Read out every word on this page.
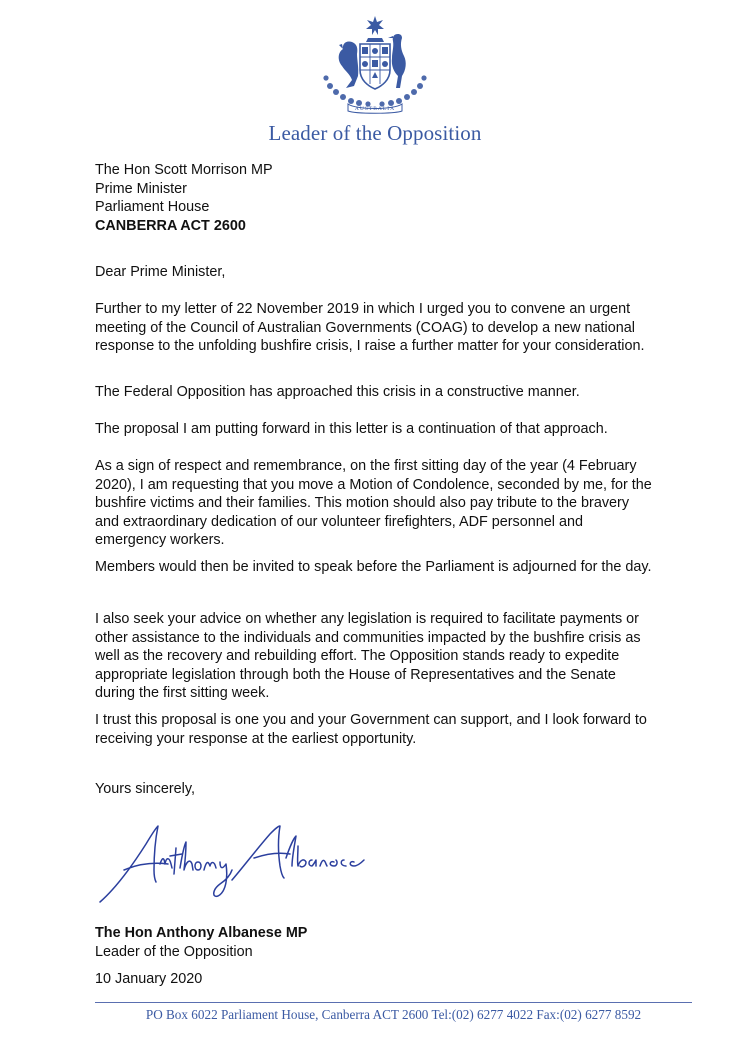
AUSTRALIA
Leader of the Opposition
The Hon Scott Morrison MP
Prime Minister
Parliament House
CANBERRA ACT 2600
Dear Prime Minister,
Further to my letter of 22 November 2019 in which I urged you to convene an urgent meeting of the Council of Australian Governments (COAG) to develop a new national response to the unfolding bushfire crisis, I raise a further matter for your consideration.
The Federal Opposition has approached this crisis in a constructive manner.
The proposal I am putting forward in this letter is a continuation of that approach.
As a sign of respect and remembrance, on the first sitting day of the year (4 February 2020), I am requesting that you move a Motion of Condolence, seconded by me, for the bushfire victims and their families. This motion should also pay tribute to the bravery and extraordinary dedication of our volunteer firefighters, ADF personnel and emergency workers.
Members would then be invited to speak before the Parliament is adjourned for the day.
I also seek your advice on whether any legislation is required to facilitate payments or other assistance to the individuals and communities impacted by the bushfire crisis as well as the recovery and rebuilding effort. The Opposition stands ready to expedite appropriate legislation through both the House of Representatives and the Senate during the first sitting week.
I trust this proposal is one you and your Government can support, and I look forward to receiving your response at the earliest opportunity.
Yours sincerely,
The Hon Anthony Albanese MP
Leader of the Opposition
10 January 2020
PO Box 6022 Parliament House, Canberra ACT 2600 Tel:(02) 6277 4022 Fax:(02) 6277 8592
